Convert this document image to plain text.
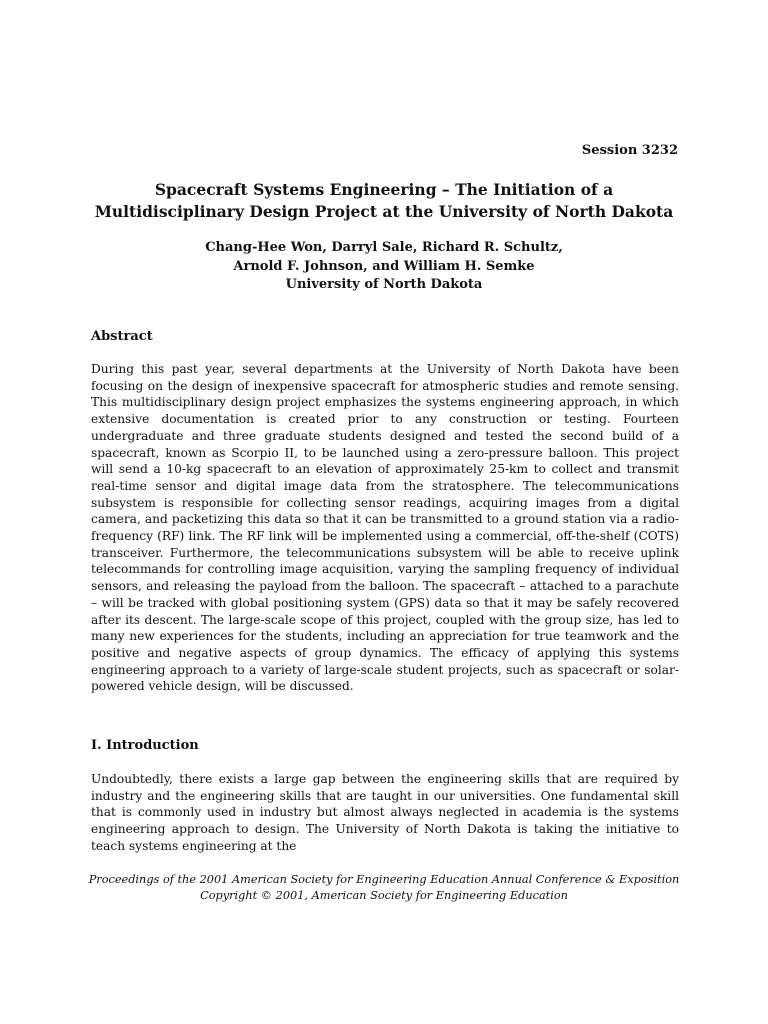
Session 3232
Spacecraft Systems Engineering – The Initiation of a
Multidisciplinary Design Project at the University of North Dakota
Chang-Hee Won, Darryl Sale, Richard R. Schultz,
Arnold F. Johnson, and William H. Semke
University of North Dakota
Abstract
During this past year, several departments at the University of North Dakota have been focusing on the design of inexpensive spacecraft for atmospheric studies and remote sensing. This multidisciplinary design project emphasizes the systems engineering approach, in which extensive documentation is created prior to any construction or testing. Fourteen undergraduate and three graduate students designed and tested the second build of a spacecraft, known as Scorpio II, to be launched using a zero-pressure balloon. This project will send a 10-kg spacecraft to an elevation of approximately 25-km to collect and transmit real-time sensor and digital image data from the stratosphere. The telecommunications subsystem is responsible for collecting sensor readings, acquiring images from a digital camera, and packetizing this data so that it can be transmitted to a ground station via a radio-frequency (RF) link. The RF link will be implemented using a commercial, off-the-shelf (COTS) transceiver. Furthermore, the telecommunications subsystem will be able to receive uplink telecommands for controlling image acquisition, varying the sampling frequency of individual sensors, and releasing the payload from the balloon. The spacecraft – attached to a parachute – will be tracked with global positioning system (GPS) data so that it may be safely recovered after its descent. The large-scale scope of this project, coupled with the group size, has led to many new experiences for the students, including an appreciation for true teamwork and the positive and negative aspects of group dynamics. The efficacy of applying this systems engineering approach to a variety of large-scale student projects, such as spacecraft or solar-powered vehicle design, will be discussed.
I. Introduction
Undoubtedly, there exists a large gap between the engineering skills that are required by industry and the engineering skills that are taught in our universities. One fundamental skill that is commonly used in industry but almost always neglected in academia is the systems engineering approach to design. The University of North Dakota is taking the initiative to teach systems engineering at the
Proceedings of the 2001 American Society for Engineering Education Annual Conference & Exposition
Copyright © 2001, American Society for Engineering Education
